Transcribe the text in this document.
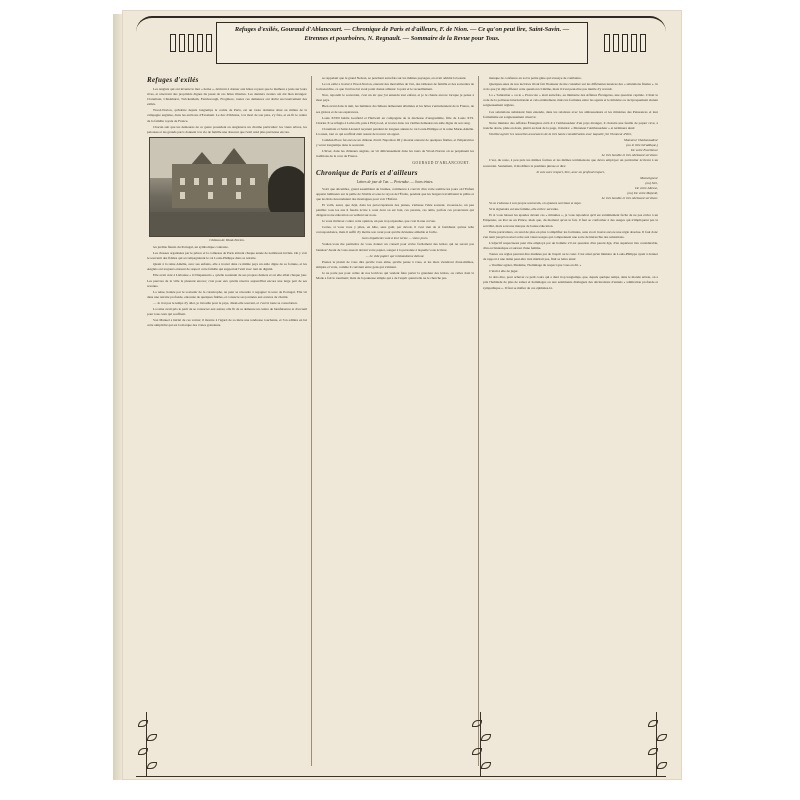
Refuges d'exilés, Gouraud d'Ablancourt. — Chronique de Paris et d'ailleurs, F. de Nion. — Ce qu'on peut lire, Saint-Savin. — Etrennes et pourboires, N. Regnault. — Sommaire de la Revue pour Tous.
Refuges d'exilés

Les Anglais qui ont inventé le mot « home », dérivent à donner aux hôtes royaux que le malheur a jetés sur leurs rives, et réservent des propriétés dignes du passé de ces hôtes illustres. Les derniers avatars ont été bien étranges: Claremont, Chislehurst, Twickenham, Farnborough, Frogmore, toutes ces demeures ont abrité successivement des exilés.

Wood-Norton, qu'habite depuis longtemps le comte de Paris, est un vaste domaine situé au milieu de la campagne anglaise, dans les environs d'Evesham. Le duc d'Orléans, à la mort de son père, s'y fixa, et en fit le centre de la famille royale de France.

Chacun sait que les demeures de ce genre possèdent en Angleterre un charme particulier: les vieux arbres, les pelouses et les grands parcs donnent à la vie de famille une douceur que l'exil rend plus précieuse encore.

Château de Wood-Norton.

les jardins fleuris du Portugal, un symbolique contraste.

Les chasses organisées par le prince et la comtesse de Paris attirent chaque année de nombreux invités. On y voit le souvenir des fidèles qui accompagnèrent le roi Louis-Philippe dans sa retraite.

Quant à la reine Amélie, avec ses enfants, elle a trouvé dans ce même pays un asile digne de sa fortune, et les Anglais ont toujours entouré de respect cette famille qui supportait l'exil avec tant de dignité.

Elle avait créé à Lisbonne « O Dispensario » qu'elle soutenait de ses propres deniers et où elle allait chaque jour. Les pauvres de la ville la pleurent encore; c'est pour eux qu'elle réserve aujourd'hui encore une large part de ses revenus.

La reine, hantée par le souvenir de la catastrophe, ne peut se résoudre à regagner la terre de Portugal. Elle vit dans une retraite profonde, entourée de quelques fidèles, et consacre ses journées aux œuvres de charité.

— Je n'ai pas le temps d'y aller, je travaille pour le pays, disait-elle souvent, et c'est là toute sa consolation.

La reine avait pris le parti de se consacrer aux autres; elle fit de sa demeure un centre de bienfaisance et d'accueil pour tous ceux qui souffrent.

Son Manuel a hérité de ces vertus; il montre à l'égard de sa mère une tendresse touchante, et l'on admire en lui cette simplicité qui est la marque des vraies grandeurs.

se rappelant que le grand Nelson, se penchant autrefois sur les mêmes paysages, en avait admiré la beauté.

Le roi exilé a trouvé à Wood-Norton, entouré des merveilles de l'art, des tableaux de famille et des souvenirs de la monarchie, ce que l'exil ne lui avait point donné ailleurs: la paix et le recueillement.

Non, répondit le souverain, c'est un air que j'ai entendu tout enfant, et je le chante encore lorsque je pense à mon pays.

Bien avant dans la nuit, les lumières du château demeurent allumées et les hôtes s'entretiennent de la France, de ses gloires et de ses espérances.

Louis XVIII habita Gosfield et Hartwell en compagnie de la duchesse d'Angoulême, fille de Louis XVI. Charles X se réfugia à Lulworth, puis à Holyrood, et trouva dans ces vieilles demeures un asile digne de son rang.

Claremont et Saint-Léonard reçurent pendant de longues années le roi Louis-Philippe et la reine Marie-Amélie. Là aussi, tout ce qui souffrait était assuré de trouver un appui.

Camden-Place fut encore un château d'exil: Napoléon III y mourut entouré de quelques fidèles, et l'impératrice y vécut longtemps dans le souvenir.

L'hiver, dans les châteaux anglais, on vit délicieusement dans les tours de Wood-Norton où se perpétuent les traditions de la cour de France.

GOURAUD D'ABLANCOURT.
Chronique de Paris et d'ailleurs
Lettres de jour de l'an. — Pretendue. — Jours tristes.

Voici que décembre, grand assembleur de brumes, commence à couvrir d'un voile sombre les jours où l'Enfant apparut lumineux sur la paille de l'étable et sous le rayon de l'Étoile, pendant que les bergers travaillaient le plâtre et que les Rois descendaient des montagnes pour voir l'Enfant.

Et voilà, aussi, que déjà, dans les préoccupations des jeunes, s'amasse l'idée souvent, avouons-le, un peu pénible: tous les ans il faudra écrire à ceux dont on est loin, ces parents, ces amis, parfois ces protecteurs qui dirigent notre éducation ou veillent sur nous.

Je veux m'élever contre cette opinion, un peu trop répandue, que c'est là une corvée.

Certes, si vous vous y pliez, en hâte, sans goût, par devoir, il s'est rien de si fastidieux qu'une telle correspondance, mais il suffit d'y mettre son cœur pour qu'elle devienne aimable et facile.

Gens impatients vont à leur terme — vieux jours.

Voulez-vous me permettre de vous donner un conseil pour écrire facilement des lettres qui ne seront pas banales? Avant de vous asseoir devant votre papier, songez à la personne à laquelle vous écrivez.

— Le vide papier qui m'abandonne debout.

Prenez le plaisir de vous dire qu'elle vous aime, qu'elle pense à vous, et les mots viendront d'eux-mêmes, simples et vrais, comme il convient entre gens qui s'aiment.

Je ne parle pas pour celles de nos lectrices qui veulent faire parler la grandeur des lettres, ou celles dont la Mode a fait le tourment; mais de la jeunesse simple qui a de l'esprit quand elle ne le cherche pas.

manque de confiance en soi la petite gêne qui s'essaye de combattre.

Quelques-unes de nos lectrices m'ont fait l'honneur de me consulter sur les différentes nuances des « salutations finales ». Je crois que j'ai déjà effleuré cette question ici même, mais il n'est peut-être pas inutile d'y revenir.

La « Salutation » ou le « Protocole » était autrefois, au ministère des Affaires Étrangères, une question capitale. C'était le code de la politesse internationale et cela entièrement, mais les formules entre les agents et le ministre ou réciproquement étaient soigneusement réglées.

Ces salutations subsistent bien entendu, dans les relations avec les ambassadeurs et les ministres des Puissances et leur formalisme est soigneusement observé.

Notre ministre des Affaires Étrangères écrit-il à l'ambassadeur d'un pays étranger, il choisira une feuille de papier cavé, à tranche dorée, pliée en deux, plutôt au haut de la page, il mettra: « Monsieur l'Ambassadeur » et terminera ainsi:

Veuillez agréer les nouvelles assurances de la très haute considération avec laquelle j'ai l'honneur d'être,

Monsieur l'Ambassadeur
(ou le titre héraldique,)
De votre Excellence
Le très humble et très obéissant serviteur.

C'est, du reste, à peu près les mêmes formes et les mêmes terminaisons que devra employer un particulier écrivant à un souverain. Seulement, il modifiera la première phrase et dira:

Je suis avec respect, Sire, avec un profond respect,
Monseigneur
(ou) Sire,
De votre Altesse,
(ou) De votre Majesté,
Le très humble et très obéissant serviteur.

Si on s'adresse à son propre souverain, on ajoutera serviteur et sujet.

Si le signataire est une femme, elle écrira: servante.

Et si vous laissez les épaules devant ces « minuties », je vous répondrai qu'il est extrêmement facile de ne pas écrire à un Empereur, au Roi ou un Prince, mais que, du moment qu'on le fait, il faut se conformer à des usages qui n'impliquent pas la servilité, mais sont une marque de bonne éducation.

Entre particuliers, on tend de plus en plus à simplifier les formules, sans avoir trouvé encore une règle absolue. Il faut donc s'en tenir jusqu'à nouvel ordre aux vieux usages qui comprennent une sorte de hiérarchie des salutations.

L'adjectif respectueux peut être employé par un homme s'il est question d'un parent âgé, d'un supérieur très considérable, d'un ecclésiastique et surtout d'une femme.

Toutes ces règles peuvent être étudiées par de l'esprit ou le cœur. C'est ainsi qu'un ministre de Louis-Philippe ayant à donner de rapport à une dame peut-être n'en méritait pas, finit sa lettre ainsi:

« Veuillez agréer, Madame, l'hommage du respect que vous en dû. »

C'était à elle de juger.

Je dois dire, pour achever ce petit cours qui a duré trop longtemps, que, depuis quelque temps, dans le monde artiste, on a pris l'habitude de plus de saluer et hommages ou aux sentiments distingués des déclarations d'ennuis « admiration profonde et sympathique ». Il faut se méfier de ces épithètes-là.
